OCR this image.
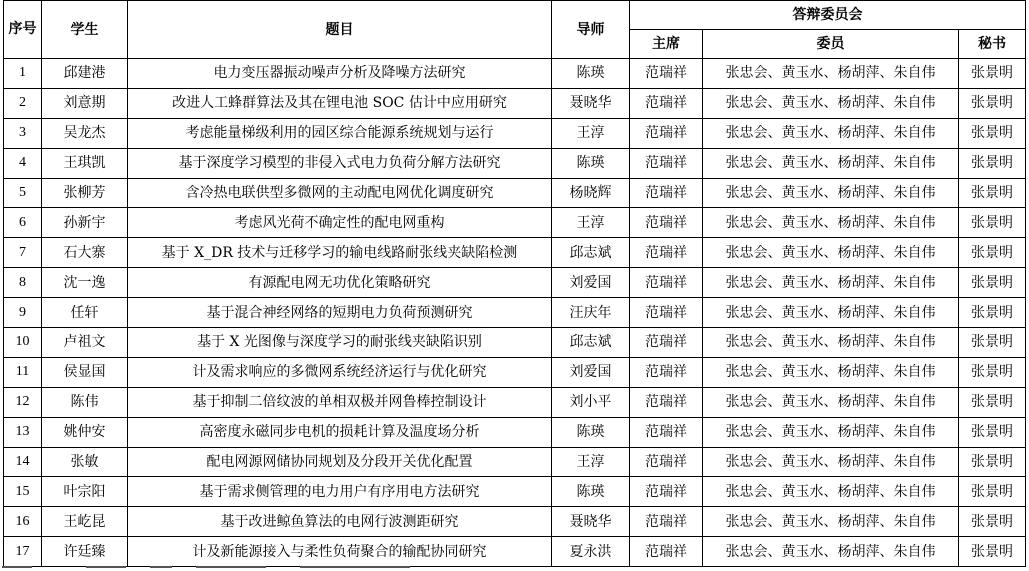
序号	学生	题目	导师	答辩委员会		
				主席	委员	秘书
1	邱建港	电力变压器振动噪声分析及降噪方法研究	陈瑛	范瑞祥	张忠会、黄玉水、杨胡萍、朱自伟	张景明
2	刘意期	改进人工蜂群算法及其在锂电池 SOC 估计中应用研究	聂晓华	范瑞祥	张忠会、黄玉水、杨胡萍、朱自伟	张景明
3	吴龙杰	考虑能量梯级利用的园区综合能源系统规划与运行	王淳	范瑞祥	张忠会、黄玉水、杨胡萍、朱自伟	张景明
4	王琪凯	基于深度学习模型的非侵入式电力负荷分解方法研究	陈瑛	范瑞祥	张忠会、黄玉水、杨胡萍、朱自伟	张景明
5	张柳芳	含冷热电联供型多微网的主动配电网优化调度研究	杨晓辉	范瑞祥	张忠会、黄玉水、杨胡萍、朱自伟	张景明
6	孙新宇	考虑风光荷不确定性的配电网重构	王淳	范瑞祥	张忠会、黄玉水、杨胡萍、朱自伟	张景明
7	石大寨	基于 X_DR 技术与迁移学习的输电线路耐张线夹缺陷检测	邱志斌	范瑞祥	张忠会、黄玉水、杨胡萍、朱自伟	张景明
8	沈一逸	有源配电网无功优化策略研究	刘爱国	范瑞祥	张忠会、黄玉水、杨胡萍、朱自伟	张景明
9	任轩	基于混合神经网络的短期电力负荷预测研究	汪庆年	范瑞祥	张忠会、黄玉水、杨胡萍、朱自伟	张景明
10	卢祖文	基于 X 光图像与深度学习的耐张线夹缺陷识别	邱志斌	范瑞祥	张忠会、黄玉水、杨胡萍、朱自伟	张景明
11	侯显国	计及需求响应的多微网系统经济运行与优化研究	刘爱国	范瑞祥	张忠会、黄玉水、杨胡萍、朱自伟	张景明
12	陈伟	基于抑制二倍纹波的单相双极并网鲁棒控制设计	刘小平	范瑞祥	张忠会、黄玉水、杨胡萍、朱自伟	张景明
13	姚仲安	高密度永磁同步电机的损耗计算及温度场分析	陈瑛	范瑞祥	张忠会、黄玉水、杨胡萍、朱自伟	张景明
14	张敏	配电网源网储协同规划及分段开关优化配置	王淳	范瑞祥	张忠会、黄玉水、杨胡萍、朱自伟	张景明
15	叶宗阳	基于需求侧管理的电力用户有序用电方法研究	陈瑛	范瑞祥	张忠会、黄玉水、杨胡萍、朱自伟	张景明
16	王屹昆	基于改进鲸鱼算法的电网行波测距研究	聂晓华	范瑞祥	张忠会、黄玉水、杨胡萍、朱自伟	张景明
17	许廷臻	计及新能源接入与柔性负荷聚合的输配协同研究	夏永洪	范瑞祥	张忠会、黄玉水、杨胡萍、朱自伟	张景明
